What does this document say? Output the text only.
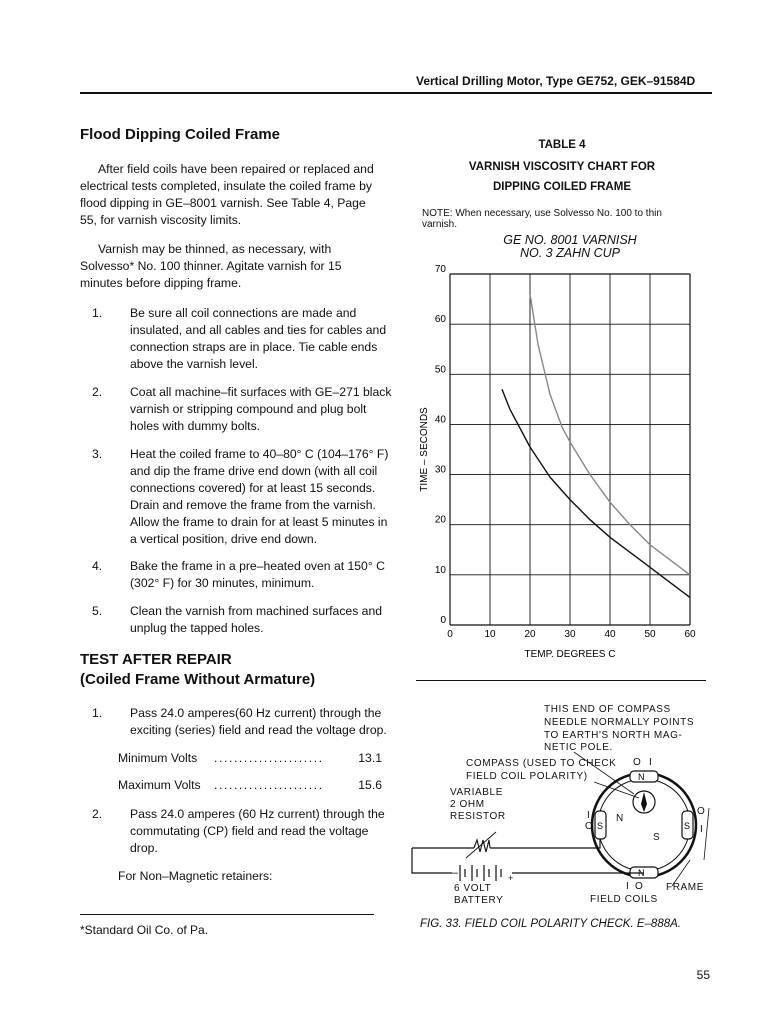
Vertical Drilling Motor, Type GE752, GEK–91584D
Flood Dipping Coiled Frame

After field coils have been repaired or replaced and electrical tests completed, insulate the coiled frame by flood dipping in GE–8001 varnish. See Table 4, Page 55, for varnish viscosity limits.

Varnish may be thinned, as necessary, with Solvesso* No. 100 thinner. Agitate varnish for 15 minutes before dipping frame.

1.	Be sure all coil connections are made and insulated, and all cables and ties for cables and connection straps are in place. Tie cable ends above the varnish level.
2.	Coat all machine–fit surfaces with GE–271 black varnish or stripping compound and plug bolt holes with dummy bolts.
3.	Heat the coiled frame to 40–80° C (104–176° F) and dip the frame drive end down (with all coil connections covered) for at least 15 seconds. Drain and remove the frame from the varnish. Allow the frame to drain for at least 5 minutes in a vertical position, drive end down.
4.	Bake the frame in a pre–heated oven at 150° C (302° F) for 30 minutes, minimum.
5.	Clean the varnish from machined surfaces and unplug the tapped holes.
TEST AFTER REPAIR
(Coiled Frame Without Armature)
1.	Pass 24.0 amperes(60 Hz current) through the exciting (series) field and read the voltage drop.
Minimum Volts ......................	13.1
Maximum Volts ......................	15.6
2.	Pass 24.0 amperes (60 Hz current) through the commutating (CP) field and read the voltage drop.
For Non–Magnetic retainers:
*Standard Oil Co. of Pa.
TABLE 4
VARNISH VISCOSITY CHART FOR
DIPPING COILED FRAME
NOTE: When necessary, use Solvesso No. 100 to thin varnish.
GE NO. 8001 VARNISH
NO. 3 ZAHN CUP
0	10	20	30	40	50	60
0
10
20
30
40
50
60
70
TEMP. DEGREES C
TIME – SECONDS
THIS END OF COMPASS
NEEDLE NORMALLY POINTS
TO EARTH'S NORTH MAG-
NETIC POLE.
COMPASS (USED TO CHECK
FIELD COIL POLARITY)
VARIABLE
2 OHM
RESISTOR
6 VOLT
BATTERY	FIELD COILS
FRAME
–	+
O I
O
I	O
I
I O
N
S
N
N
S	S
FIG. 33. FIELD COIL POLARITY CHECK. E–888A.
55
